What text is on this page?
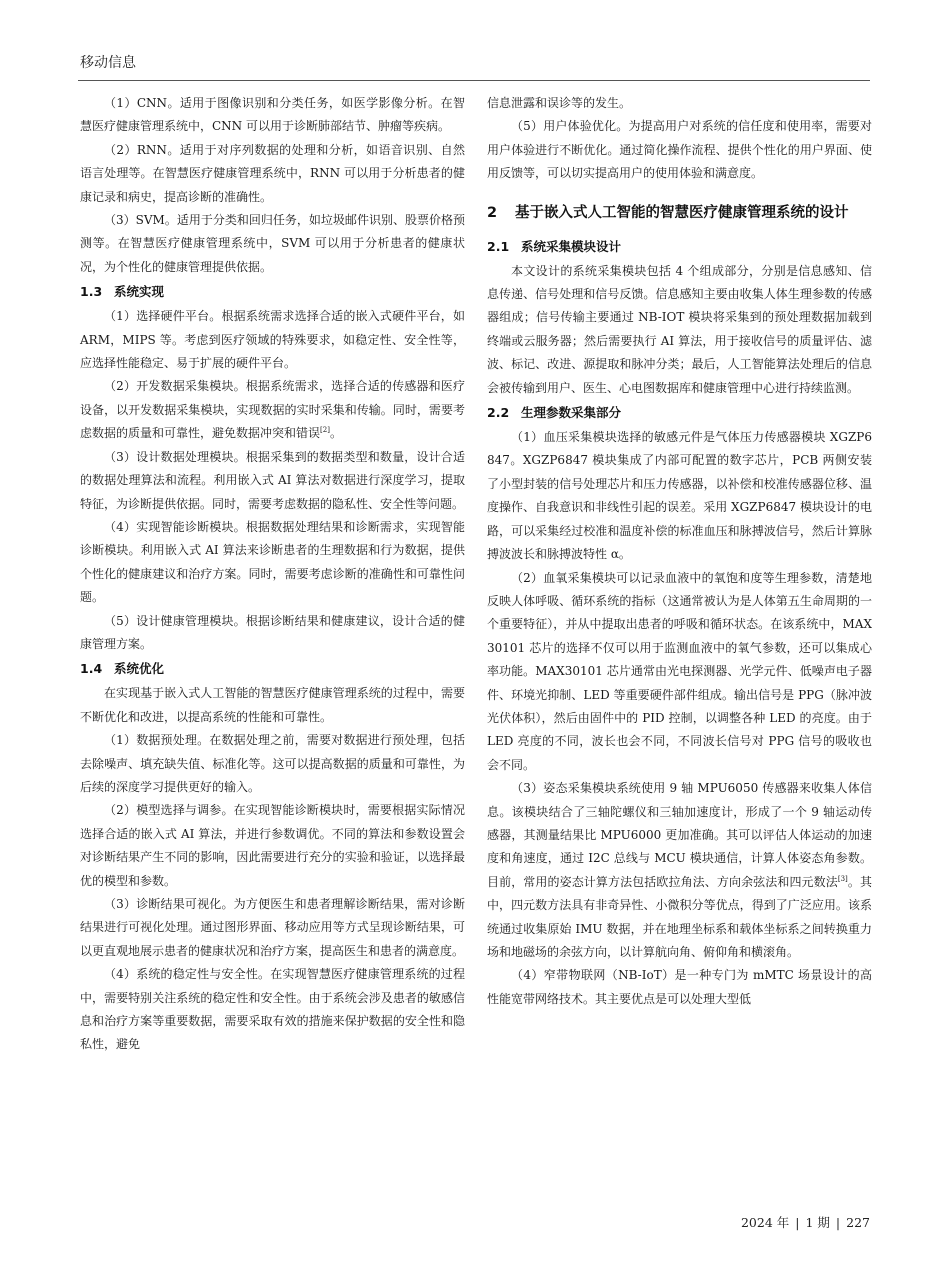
移动信息

（1）CNN。适用于图像识别和分类任务，如医学影像分析。在智慧医疗健康管理系统中，CNN 可以用于诊断肺部结节、肿瘤等疾病。

（2）RNN。适用于对序列数据的处理和分析，如语音识别、自然语言处理等。在智慧医疗健康管理系统中，RNN 可以用于分析患者的健康记录和病史，提高诊断的准确性。

（3）SVM。适用于分类和回归任务，如垃圾邮件识别、股票价格预测等。在智慧医疗健康管理系统中，SVM 可以用于分析患者的健康状况，为个性化的健康管理提供依据。

1.3 系统实现

（1）选择硬件平台。根据系统需求选择合适的嵌入式硬件平台，如 ARM，MIPS 等。考虑到医疗领域的特殊要求，如稳定性、安全性等，应选择性能稳定、易于扩展的硬件平台。

（2）开发数据采集模块。根据系统需求，选择合适的传感器和医疗设备，以开发数据采集模块，实现数据的实时采集和传输。同时，需要考虑数据的质量和可靠性，避免数据冲突和错误[2]。

（3）设计数据处理模块。根据采集到的数据类型和数量，设计合适的数据处理算法和流程。利用嵌入式 AI 算法对数据进行深度学习，提取特征，为诊断提供依据。同时，需要考虑数据的隐私性、安全性等问题。

（4）实现智能诊断模块。根据数据处理结果和诊断需求，实现智能诊断模块。利用嵌入式 AI 算法来诊断患者的生理数据和行为数据，提供个性化的健康建议和治疗方案。同时，需要考虑诊断的准确性和可靠性问题。

（5）设计健康管理模块。根据诊断结果和健康建议，设计合适的健康管理方案。

1.4 系统优化

在实现基于嵌入式人工智能的智慧医疗健康管理系统的过程中，需要不断优化和改进，以提高系统的性能和可靠性。

（1）数据预处理。在数据处理之前，需要对数据进行预处理，包括去除噪声、填充缺失值、标准化等。这可以提高数据的质量和可靠性，为后续的深度学习提供更好的输入。

（2）模型选择与调参。在实现智能诊断模块时，需要根据实际情况选择合适的嵌入式 AI 算法，并进行参数调优。不同的算法和参数设置会对诊断结果产生不同的影响，因此需要进行充分的实验和验证，以选择最优的模型和参数。

（3）诊断结果可视化。为方便医生和患者理解诊断结果，需对诊断结果进行可视化处理。通过图形界面、移动应用等方式呈现诊断结果，可以更直观地展示患者的健康状况和治疗方案，提高医生和患者的满意度。

（4）系统的稳定性与安全性。在实现智慧医疗健康管理系统的过程中，需要特别关注系统的稳定性和安全性。由于系统会涉及患者的敏感信息和治疗方案等重要数据，需要采取有效的措施来保护数据的安全性和隐私性，避免

信息泄露和误诊等的发生。

（5）用户体验优化。为提高用户对系统的信任度和使用率，需要对用户体验进行不断优化。通过简化操作流程、提供个性化的用户界面、使用反馈等，可以切实提高用户的使用体验和满意度。

2	基于嵌入式人工智能的智慧医疗健康管理系统的设计
2.1 系统采集模块设计

本文设计的系统采集模块包括 4 个组成部分，分别是信息感知、信息传递、信号处理和信号反馈。信息感知主要由收集人体生理参数的传感器组成；信号传输主要通过 NB-IOT 模块将采集到的预处理数据加载到终端或云服务器；然后需要执行 AI 算法，用于接收信号的质量评估、滤波、标记、改进、源提取和脉冲分类；最后，人工智能算法处理后的信息会被传输到用户、医生、心电图数据库和健康管理中心进行持续监测。

2.2 生理参数采集部分

（1）血压采集模块选择的敏感元件是气体压力传感器模块 XGZP6847。XGZP6847 模块集成了内部可配置的数字芯片，PCB 两侧安装了小型封装的信号处理芯片和压力传感器，以补偿和校准传感器位移、温度操作、自我意识和非线性引起的误差。采用 XGZP6847 模块设计的电路，可以采集经过校准和温度补偿的标准血压和脉搏波信号，然后计算脉搏波波长和脉搏波特性 α。

（2）血氧采集模块可以记录血液中的氧饱和度等生理参数，清楚地反映人体呼吸、循环系统的指标（这通常被认为是人体第五生命周期的一个重要特征），并从中提取出患者的呼吸和循环状态。在该系统中，MAX30101 芯片的选择不仅可以用于监测血液中的氧气参数，还可以集成心率功能。MAX30101 芯片通常由光电探测器、光学元件、低噪声电子器件、环境光抑制、LED 等重要硬件部件组成。输出信号是 PPG（脉冲波光伏体积），然后由固件中的 PID 控制，以调整各种 LED 的亮度。由于 LED 亮度的不同，波长也会不同，不同波长信号对 PPG 信号的吸收也会不同。

（3）姿态采集模块系统使用 9 轴 MPU6050 传感器来收集人体信息。该模块结合了三轴陀螺仪和三轴加速度计，形成了一个 9 轴运动传感器，其测量结果比 MPU6000 更加准确。其可以评估人体运动的加速度和角速度，通过 I2C 总线与 MCU 模块通信，计算人体姿态角参数。目前，常用的姿态计算方法包括欧拉角法、方向余弦法和四元数法[3]。其中，四元数方法具有非奇异性、小微积分等优点，得到了广泛应用。该系统通过收集原始 IMU 数据，并在地理坐标系和载体坐标系之间转换重力场和地磁场的余弦方向，以计算航向角、俯仰角和横滚角。

（4）窄带物联网（NB-IoT）是一种专门为 mMTC 场景设计的高性能宽带网络技术。其主要优点是可以处理大型低

2024 年 | 1 期 | 227
